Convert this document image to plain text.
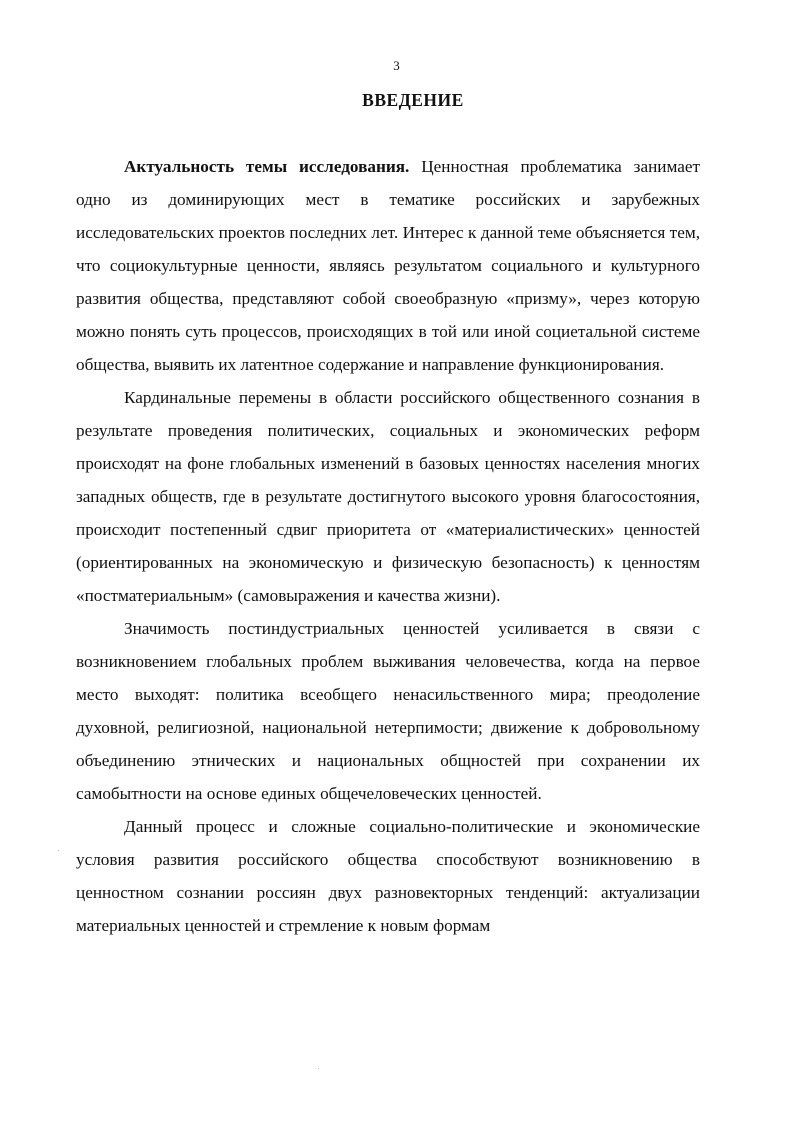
3
ВВЕДЕНИЕ

Актуальность темы исследования. Ценностная проблематика занимает одно из доминирующих мест в тематике российских и зарубежных исследовательских проектов последних лет. Интерес к данной теме объясняется тем, что социокультурные ценности, являясь результатом социального и культурного развития общества, представляют собой своеобразную «призму», через которую можно понять суть процессов, происходящих в той или иной социетальной системе общества, выявить их латентное содержание и направление функционирования.

Кардинальные перемены в области российского общественного сознания в результате проведения политических, социальных и экономических реформ происходят на фоне глобальных изменений в базовых ценностях населения многих западных обществ, где в результате достигнутого высокого уровня благосостояния, происходит постепенный сдвиг приоритета от «материалистических» ценностей (ориентированных на экономическую и физическую безопасность) к ценностям «постматериальным» (самовыражения и качества жизни).

Значимость постиндустриальных ценностей усиливается в связи с возникновением глобальных проблем выживания человечества, когда на первое место выходят: политика всеобщего ненасильственного мира; преодоление духовной, религиозной, национальной нетерпимости; движение к добровольному объединению этнических и национальных общностей при сохранении их самобытности на основе единых общечеловеческих ценностей.

Данный процесс и сложные социально-политические и экономические условия развития российского общества способствуют возникновению в ценностном сознании россиян двух разновекторных тенденций: актуализации материальных ценностей и стремление к новым формам
